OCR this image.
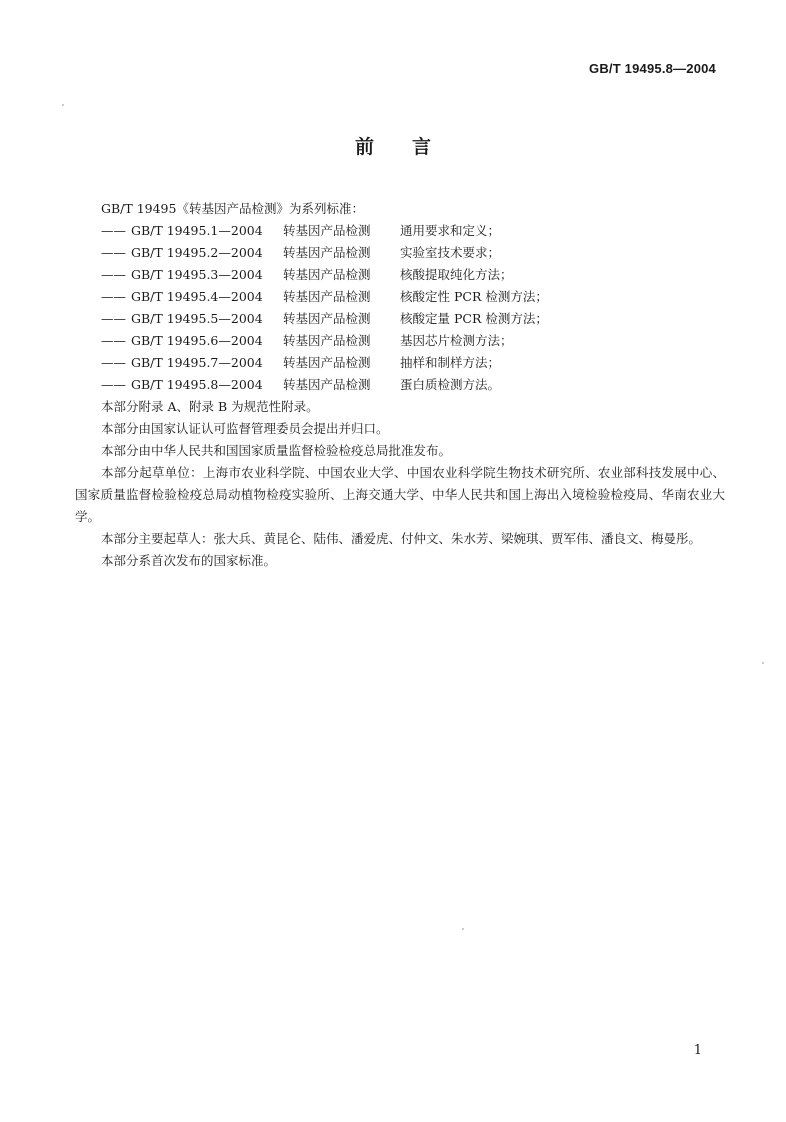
GB/T 19495.8—2004
前言

GB/T 19495《转基因产品检测》为系列标准：

—— GB/T 19495.1—2004 转基因产品检测 通用要求和定义；

—— GB/T 19495.2—2004 转基因产品检测 实验室技术要求；

—— GB/T 19495.3—2004 转基因产品检测 核酸提取纯化方法；

—— GB/T 19495.4—2004 转基因产品检测 核酸定性 PCR 检测方法；

—— GB/T 19495.5—2004 转基因产品检测 核酸定量 PCR 检测方法；

—— GB/T 19495.6—2004 转基因产品检测 基因芯片检测方法；

—— GB/T 19495.7—2004 转基因产品检测 抽样和制样方法；

—— GB/T 19495.8—2004 转基因产品检测 蛋白质检测方法。

本部分附录 A、附录 B 为规范性附录。

本部分由国家认证认可监督管理委员会提出并归口。

本部分由中华人民共和国国家质量监督检验检疫总局批准发布。

本部分起草单位：上海市农业科学院、中国农业大学、中国农业科学院生物技术研究所、农业部科技发展中心、国家质量监督检验检疫总局动植物检疫实验所、上海交通大学、中华人民共和国上海出入境检验检疫局、华南农业大学。

本部分主要起草人：张大兵、黄昆仑、陆伟、潘爱虎、付仲文、朱水芳、梁婉琪、贾军伟、潘良文、梅曼彤。

本部分系首次发布的国家标准。

1
